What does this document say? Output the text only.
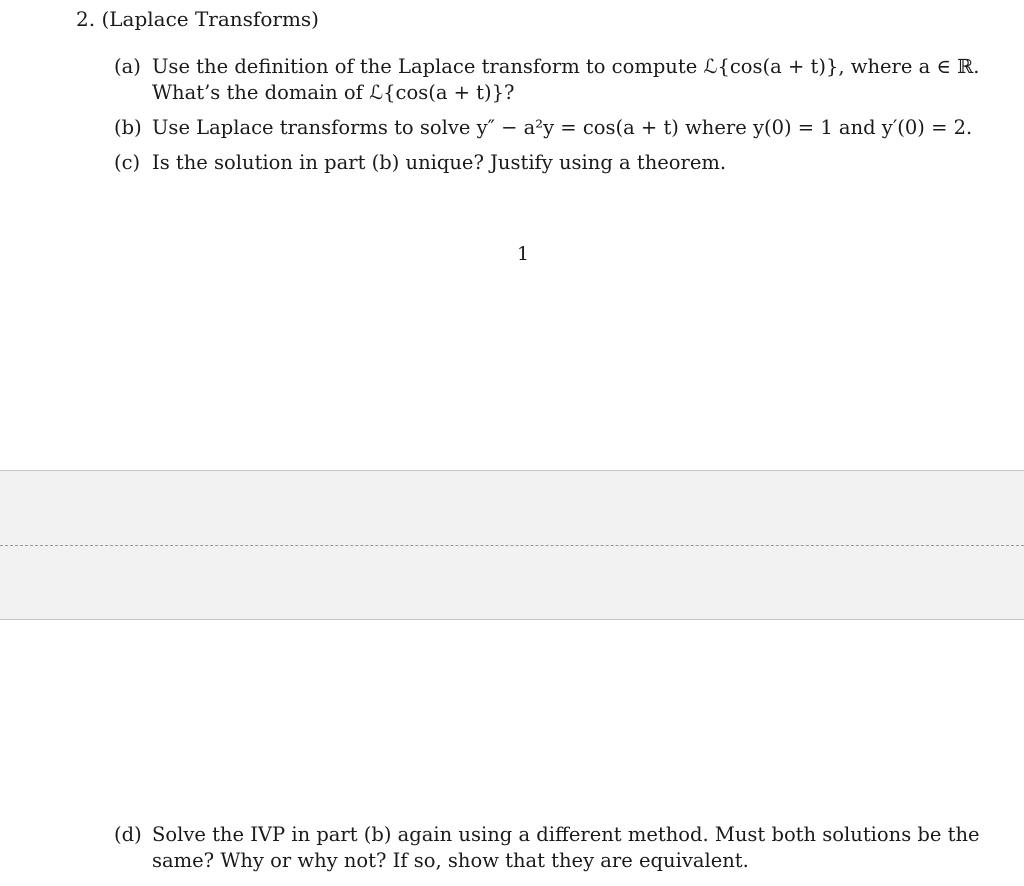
2. (Laplace Transforms)
(a) Use the definition of the Laplace transform to compute ℒ{cos(a + t)}, where a ∈ ℝ.
What’s the domain of ℒ{cos(a + t)}?
(b) Use Laplace transforms to solve y″ − a²y = cos(a + t) where y(0) = 1 and y′(0) = 2.
(c) Is the solution in part (b) unique? Justify using a theorem.
1
(d) Solve the IVP in part (b) again using a different method. Must both solutions be the
same? Why or why not? If so, show that they are equivalent.
